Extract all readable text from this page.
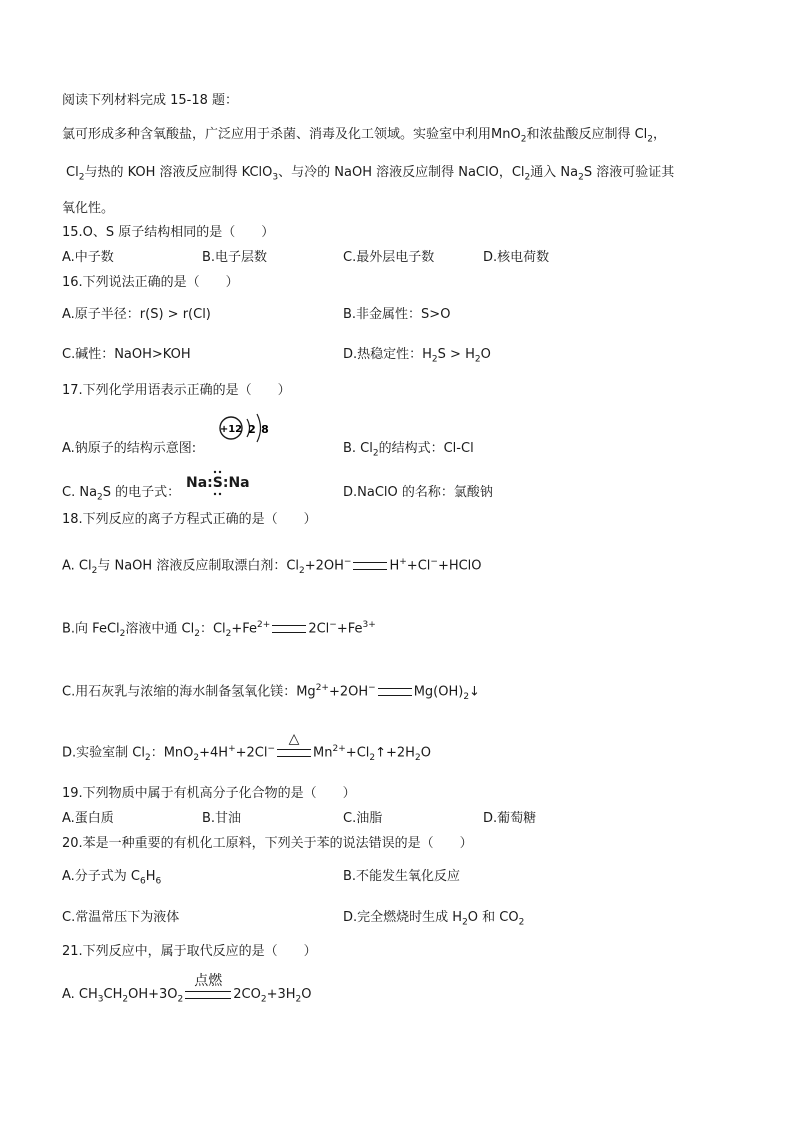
阅读下列材料完成 15-18 题：
氯可形成多种含氧酸盐，广泛应用于杀菌、消毒及化工领域。实验室中利用MnO$_2$和浓盐酸反应制得 $Cl_2$，
$Cl_2$与热的 KOH 溶液反应制得 KClO$_3$、与冷的 NaOH 溶液反应制得 NaClO，$Cl_2$通入 $Na_2S$ 溶液可验证其
氧化性。
15.O、S 原子结构相同的是（　　）
A.中子数	B.电子层数	C.最外层电子数	D.核电荷数
16.下列说法正确的是（　　）
A.原子半径：r(S) > r(Cl)	B.非金属性：S>O
C.碱性：NaOH>KOH	D.热稳定性：$H_2S > H_2O$
17.下列化学用语表示正确的是（　　）
A.钠原子的结构示意图:
+12 2 8
B. $Cl_2$的结构式：Cl-Cl
C. $Na_2S$ 的电子式：
Na:S:Na
D.NaClO 的名称：氯酸钠
18.下列反应的离子方程式正确的是（　　）
A. $Cl_2$与 NaOH 溶液反应制取漂白剂：$Cl_2+2OH^-$	H++Cl−+HClO
B.向 FeCl$_2$溶液中通 $Cl_2$：$Cl_2+Fe^{2+}$	$2Cl^-+Fe^{3+}$
C.用石灰乳与浓缩的海水制备氢氧化镁：$Mg^{2+}+2OH^-$	$Mg(OH)_2↓$
D.实验室制 $Cl_2$：MnO$_2$+4H++2Cl−
△
$Mn^{2+}+Cl_2↑+2H_2O$
19.下列物质中属于有机高分子化合物的是（　　）
A.蛋白质	B.甘油	C.油脂	D.葡萄糖
20.苯是一种重要的有机化工原料，下列关于苯的说法错误的是（　　）
A.分子式为 $C_6H_6$	B.不能发生氧化反应
C.常温常压下为液体	D.完全燃烧时生成 $H_2O$ 和 $CO_2$
21.下列反应中，属于取代反应的是（　　）
A. $CH_3CH_2OH+3O_2$
点燃
$2CO_2+3H_2O$
